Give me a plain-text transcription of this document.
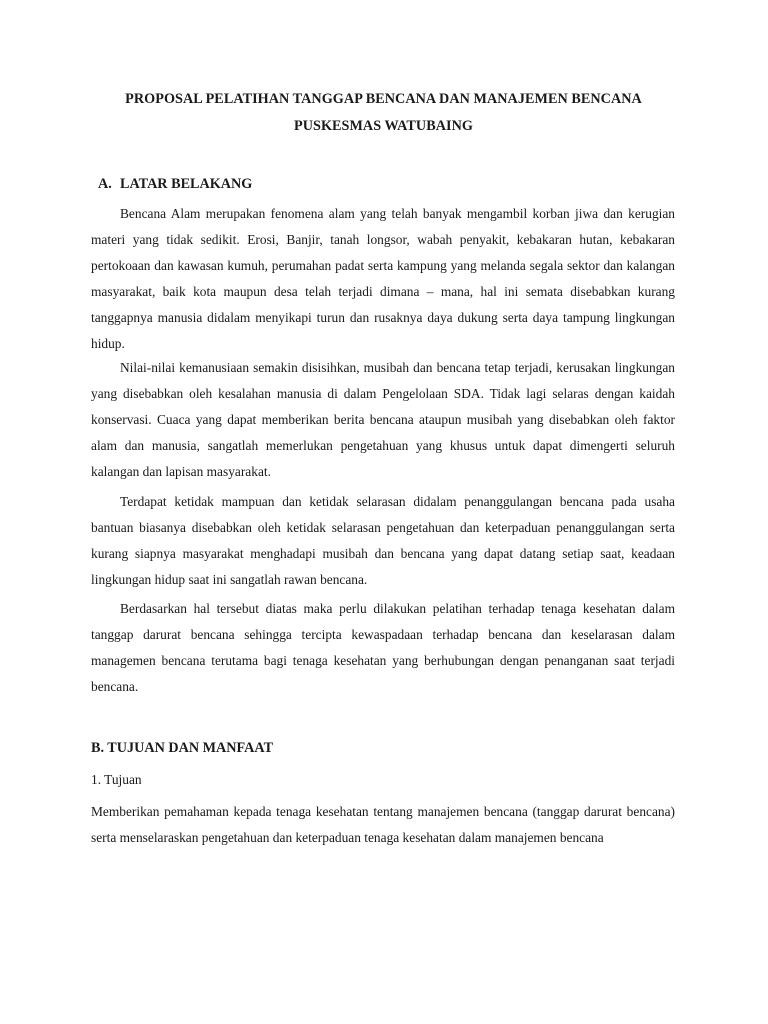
PROPOSAL PELATIHAN TANGGAP BENCANA DAN MANAJEMEN BENCANA
PUSKESMAS WATUBAING
A. LATAR BELAKANG

Bencana Alam merupakan fenomena alam yang telah banyak mengambil korban jiwa dan kerugian materi yang tidak sedikit. Erosi, Banjir, tanah longsor, wabah penyakit, kebakaran hutan, kebakaran pertokoaan dan kawasan kumuh, perumahan padat serta kampung yang melanda segala sektor dan kalangan masyarakat, baik kota maupun desa telah terjadi dimana – mana, hal ini semata disebabkan kurang tanggapnya manusia didalam menyikapi turun dan rusaknya daya dukung serta daya tampung lingkungan hidup.

Nilai-nilai kemanusiaan semakin disisihkan, musibah dan bencana tetap terjadi, kerusakan lingkungan yang disebabkan oleh kesalahan manusia di dalam Pengelolaan SDA. Tidak lagi selaras dengan kaidah konservasi. Cuaca yang dapat memberikan berita bencana ataupun musibah yang disebabkan oleh faktor alam dan manusia, sangatlah memerlukan pengetahuan yang khusus untuk dapat dimengerti seluruh kalangan dan lapisan masyarakat.

Terdapat ketidak mampuan dan ketidak selarasan didalam penanggulangan bencana pada usaha bantuan biasanya disebabkan oleh ketidak selarasan pengetahuan dan keterpaduan penanggulangan serta kurang siapnya masyarakat menghadapi musibah dan bencana yang dapat datang setiap saat, keadaan lingkungan hidup saat ini sangatlah rawan bencana.

Berdasarkan hal tersebut diatas maka perlu dilakukan pelatihan terhadap tenaga kesehatan dalam tanggap darurat bencana sehingga tercipta kewaspadaan terhadap bencana dan keselarasan dalam managemen bencana terutama bagi tenaga kesehatan yang berhubungan dengan penanganan saat terjadi bencana.

B. TUJUAN DAN MANFAAT
1. Tujuan

Memberikan pemahaman kepada tenaga kesehatan tentang manajemen bencana (tanggap darurat bencana) serta menselaraskan pengetahuan dan keterpaduan tenaga kesehatan dalam manajemen bencana
